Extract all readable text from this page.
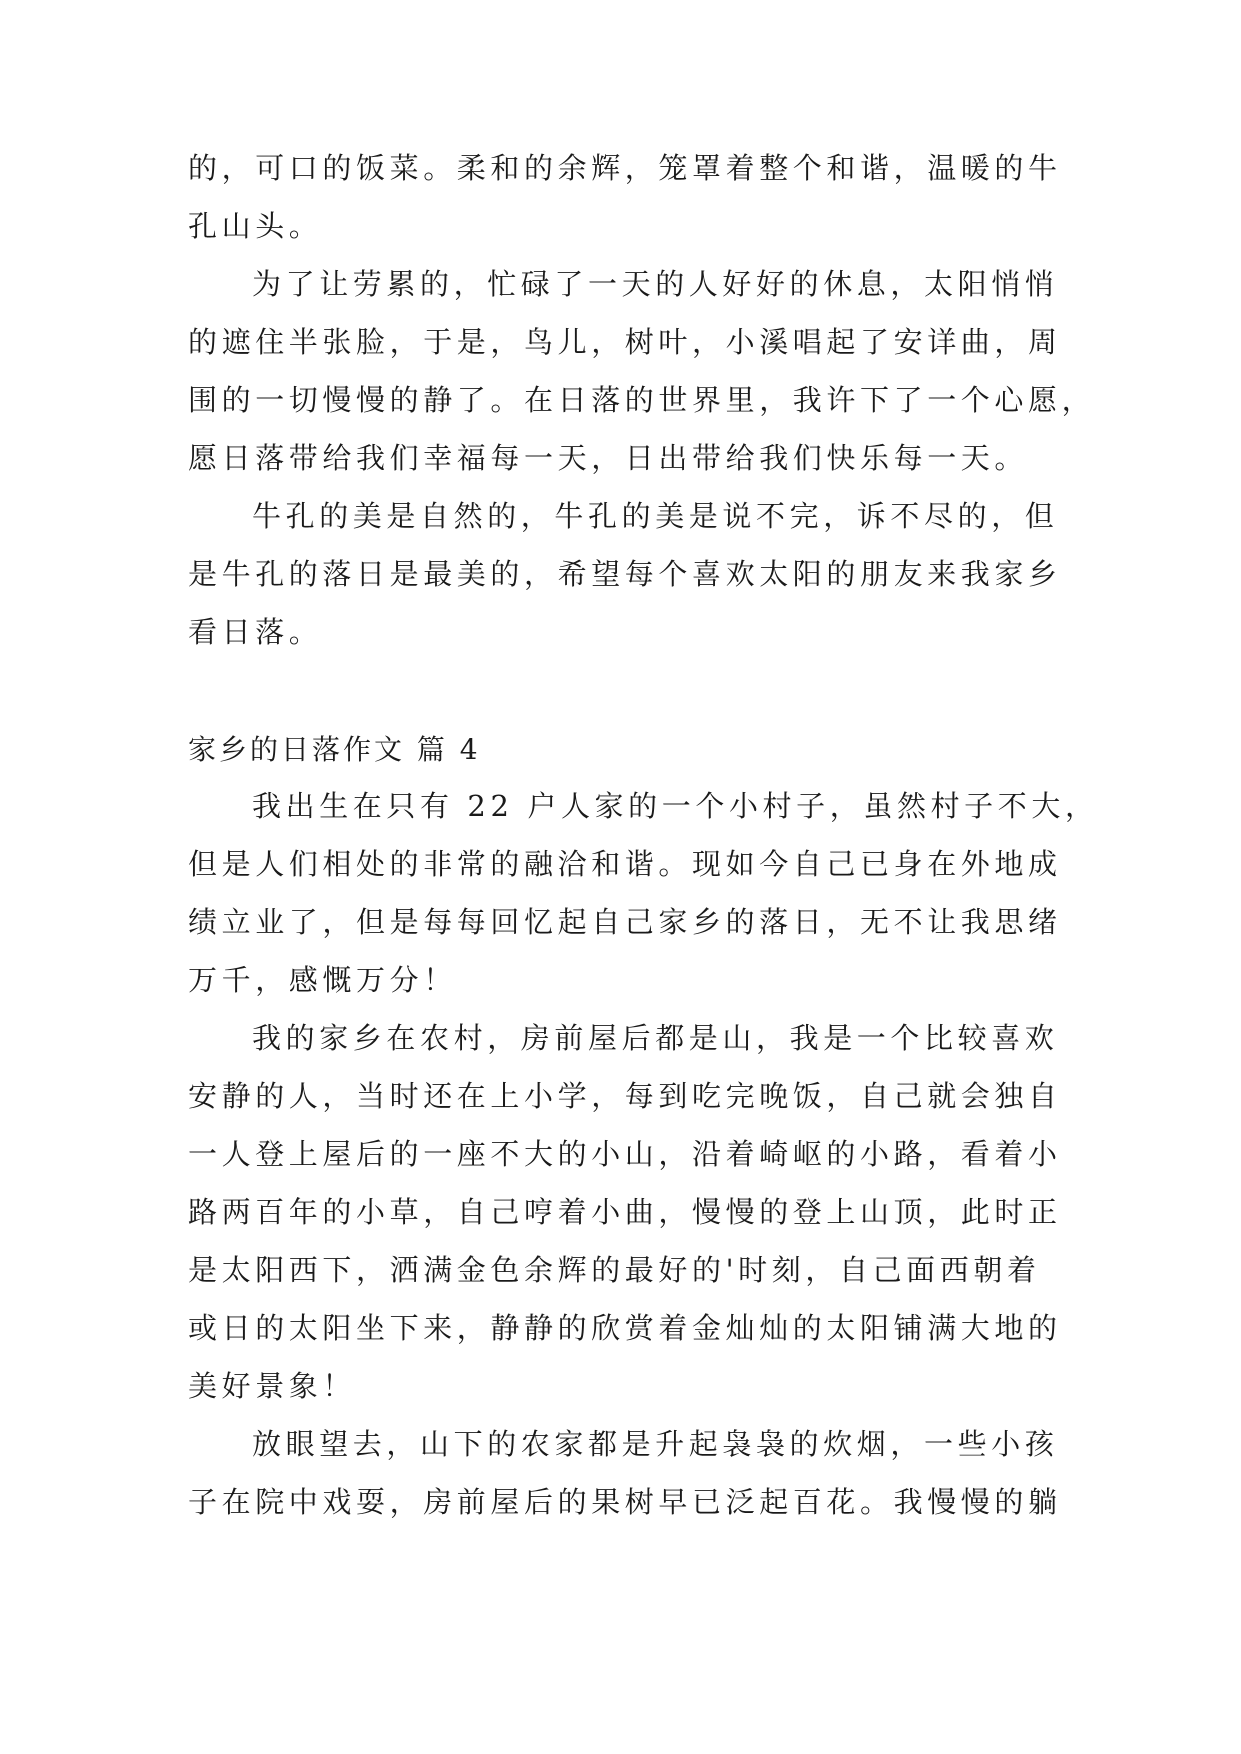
的，可口的饭菜。柔和的余辉，笼罩着整个和谐，温暖的牛
孔山头。
为了让劳累的，忙碌了一天的人好好的休息，太阳悄悄
的遮住半张脸，于是，鸟儿，树叶，小溪唱起了安详曲，周
围的一切慢慢的静了。在日落的世界里，我许下了一个心愿，
愿日落带给我们幸福每一天，日出带给我们快乐每一天。
牛孔的美是自然的，牛孔的美是说不完，诉不尽的，但
是牛孔的落日是最美的，希望每个喜欢太阳的朋友来我家乡
看日落。
家乡的日落作文 篇 4
我出生在只有 22 户人家的一个小村子，虽然村子不大，
但是人们相处的非常的融洽和谐。现如今自己已身在外地成
绩立业了，但是每每回忆起自己家乡的落日，无不让我思绪
万千，感慨万分！
我的家乡在农村，房前屋后都是山，我是一个比较喜欢
安静的人，当时还在上小学，每到吃完晚饭，自己就会独自
一人登上屋后的一座不大的小山，沿着崎岖的小路，看着小
路两百年的小草，自己哼着小曲，慢慢的登上山顶，此时正
是太阳西下，洒满金色余辉的最好的'时刻，自己面西朝着
或日的太阳坐下来，静静的欣赏着金灿灿的太阳铺满大地的
美好景象！
放眼望去，山下的农家都是升起袅袅的炊烟，一些小孩
子在院中戏耍，房前屋后的果树早已泛起百花。我慢慢的躺
